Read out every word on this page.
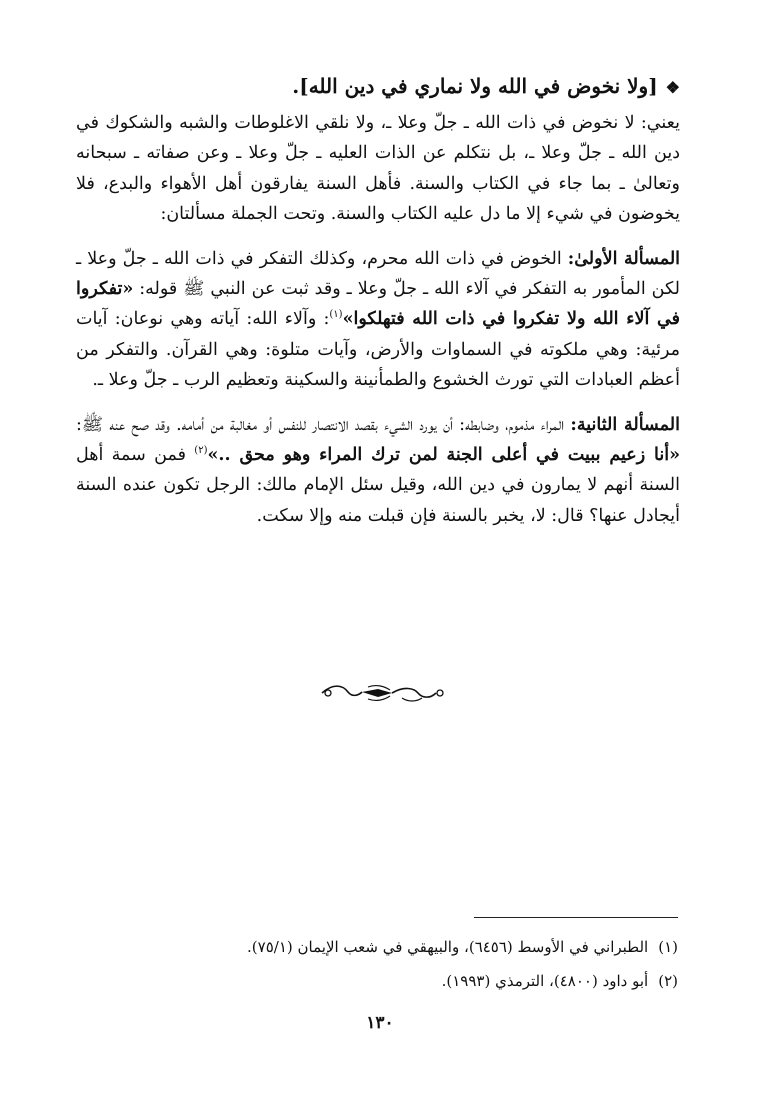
❖[ولا نخوض في الله ولا نماري في دين الله].

يعني: لا نخوض في ذات الله ـ جلّ وعلا ـ، ولا نلقي الاغلوطات والشبه والشكوك في دين الله ـ جلّ وعلا ـ، بل نتكلم عن الذات العليه ـ جلّ وعلا ـ وعن صفاته ـ سبحانه وتعالىٰ ـ بما جاء في الكتاب والسنة. فأهل السنة يفارقون أهل الأهواء والبدع، فلا يخوضون في شيء إلا ما دل عليه الكتاب والسنة. وتحت الجملة مسألتان:

المسألة الأولىٰ: الخوض في ذات الله محرم، وكذلك التفكر في ذات الله ـ جلّ وعلا ـ لكن المأمور به التفكر في آلاء الله ـ جلّ وعلا ـ وقد ثبت عن النبي ﷺ قوله: «تفكروا في آلاء الله ولا تفكروا في ذات الله فتهلكوا»$^{(١)}$: وآلاء الله: آياته وهي نوعان: آيات مرئية: وهي ملكوته في السماوات والأرض، وآيات متلوة: وهي القرآن. والتفكر من أعظم العبادات التي تورث الخشوع والطمأنينة والسكينة وتعظيم الرب ـ جلّ وعلا ـ.

المسألة الثانية: المراء مذموم، وضابطه: أن يورد الشيء بقصد الانتصار للنفس أو مغالبة من أمامه. وقد صح عنه ﷺ: «أنا زعيم ببيت في أعلى الجنة لمن ترك المراء وهو محق ..»$^{(٢)}$ فمن سمة أهل السنة أنهم لا يمارون في دين الله، وقيل سئل الإمام مالك: الرجل تكون عنده السنة أيجادل عنها؟ قال: لا، يخبر بالسنة فإن قبلت منه وإلا سكت.

(١)الطبراني في الأوسط (٦٤٥٦)، والبيهقي في شعب الإيمان (٧٥/١).

(٢)أبو داود (٤٨٠٠)، الترمذي (١٩٩٣).

١٣٠
